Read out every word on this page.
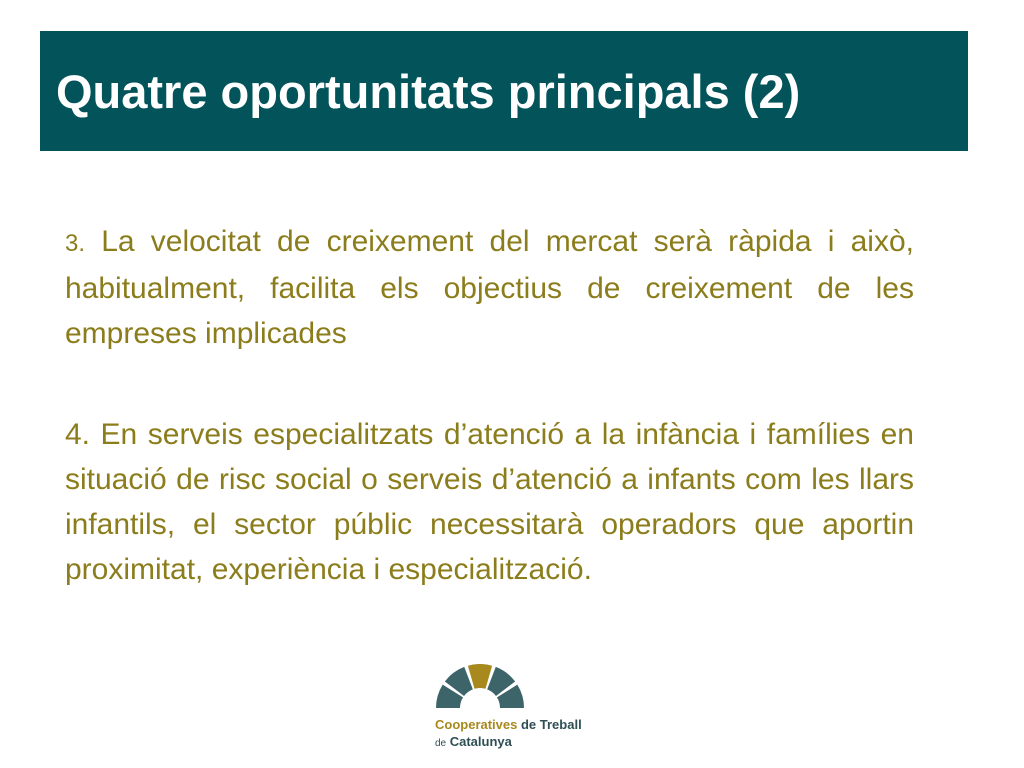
Quatre oportunitats principals (2)

3. La velocitat de creixement del mercat serà ràpida i això, habitualment, facilita els objectius de creixement de les empreses implicades

4. En serveis especialitzats d’atenció a la infància i famílies en situació de risc social o serveis d’atenció a infants com les llars infantils, el sector públic necessitarà operadors que aportin proximitat, experiència i especialització.

Cooperatives de Treball
de Catalunya
